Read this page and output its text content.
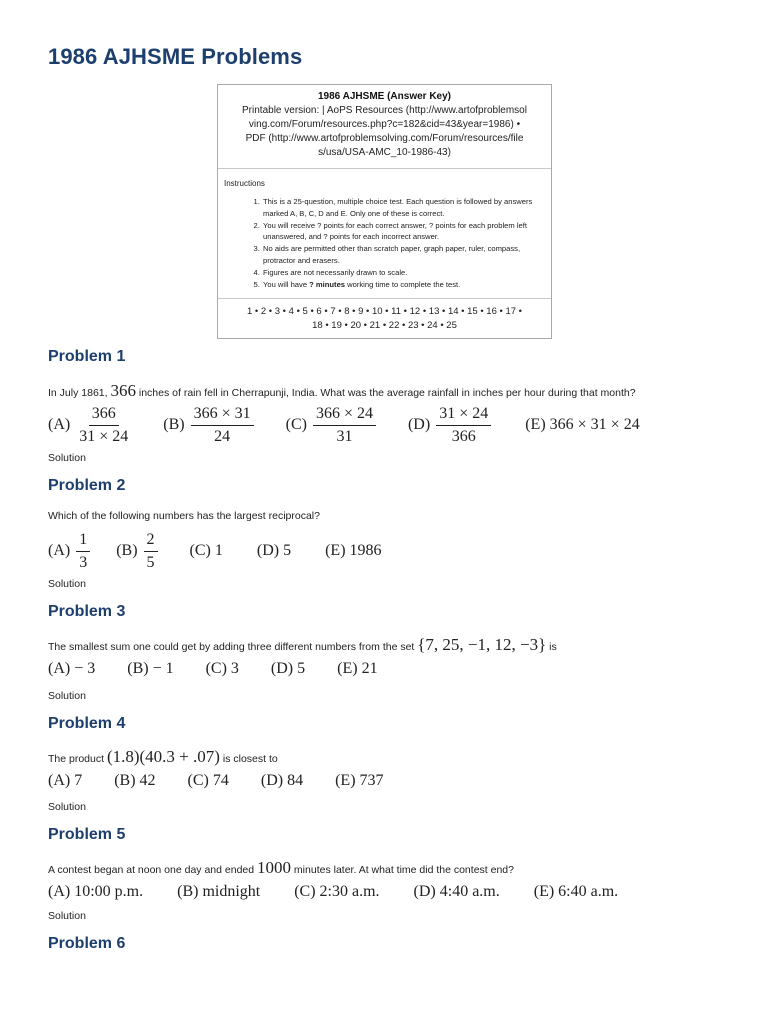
1986 AJHSME Problems
1986 AJHSME (Answer Key)
Printable version: | AoPS Resources (http://www.artofproblemsol
ving.com/Forum/resources.php?c=182&cid=43&year=1986) •
PDF (http://www.artofproblemsolving.com/Forum/resources/file
s/usa/USA-AMC_10-1986-43)
Instructions
1. This is a 25-question, multiple choice test. Each question is followed by answers marked A, B, C, D and E. Only one of these is correct.
2. You will receive ? points for each correct answer, ? points for each problem left unanswered, and ? points for each incorrect answer.
3. No aids are permitted other than scratch paper, graph paper, ruler, compass, protractor and erasers.
4. Figures are not necessarily drawn to scale.
5. You will have ? minutes working time to complete the test.
1 • 2 • 3 • 4 • 5 • 6 • 7 • 8 • 9 • 10 • 11 • 12 • 13 • 14 • 15 • 16 • 17 •
18 • 19 • 20 • 21 • 22 • 23 • 24 • 25
Problem 1
In July 1861, 366 inches of rain fell in Cherrapunji, India. What was the average rainfall in inches per hour during that month?
$(A) \frac{366}{31 \times 24} (B) \frac{366 \times 31}{24} (C) \frac{366 \times 24}{31} (D) \frac{31 \times 24}{366} (E) 366 \times 31 \times 24$
Solution
Problem 2
Which of the following numbers has the largest reciprocal?
$(A) \frac{1}{3} (B) \frac{2}{5} (C)$ 1 (D) 5 (E) 1986
Solution
Problem 3
The smallest sum one could get by adding three different numbers from the set {7, 25, −1, 12, −3} is
(A) − 3 (B) − 1 (C) 3 (D) 5 (E) 21
Solution
Problem 4
The product (1.8)(40.3 + .07) is closest to
(A) 7 (B) 42 (C) 74 (D) 84 (E) 737
Solution
Problem 5
A contest began at noon one day and ended 1000 minutes later. At what time did the contest end?
(A) 10:00 p.m. (B) midnight (C) 2:30 a.m. (D) 4:40 a.m. (E) 6:40 a.m.
Solution
Problem 6
